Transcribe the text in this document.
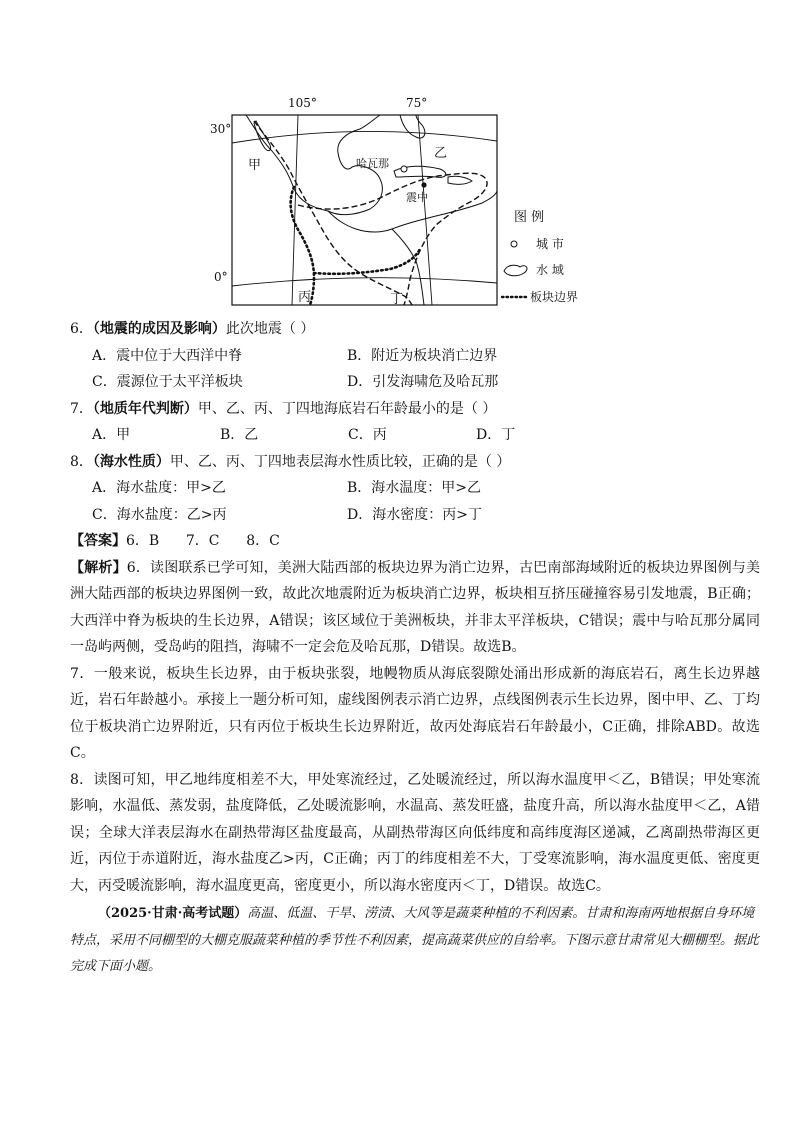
105°	75°
30°
0°
甲
乙
丙	丁
哈瓦那
震中
图 例
城 市
水 域
板块边界
6．（地震的成因及影响）此次地震（ ）
A．震中位于大西洋中脊	B．附近为板块消亡边界
C．震源位于太平洋板块	D．引发海啸危及哈瓦那
7．（地质年代判断）甲、乙、丙、丁四地海底岩石年龄最小的是（ ）
A．甲	B．乙	C．丙	D．丁
8．（海水性质）甲、乙、丙、丁四地表层海水性质比较，正确的是（ ）
A．海水盐度：甲>乙	B．海水温度：甲>乙
C．海水盐度：乙>丙	D．海水密度：丙>丁
【答案】6．B      7．C      8．C
【解析】6．读图联系已学可知，美洲大陆西部的板块边界为消亡边界，古巴南部海域附近的板块边界图例与美洲大陆西部的板块边界图例一致，故此次地震附近为板块消亡边界，板块相互挤压碰撞容易引发地震，B正确；大西洋中脊为板块的生长边界，A错误；该区域位于美洲板块，并非太平洋板块，C错误；震中与哈瓦那分属同一岛屿两侧，受岛屿的阻挡，海啸不一定会危及哈瓦那，D错误。故选B。
7．一般来说，板块生长边界，由于板块张裂，地幔物质从海底裂隙处涌出形成新的海底岩石，离生长边界越近，岩石年龄越小。承接上一题分析可知，虚线图例表示消亡边界，点线图例表示生长边界，图中甲、乙、丁均位于板块消亡边界附近，只有丙位于板块生长边界附近，故丙处海底岩石年龄最小，C正确，排除ABD。故选C。
8．读图可知，甲乙地纬度相差不大，甲处寒流经过，乙处暖流经过，所以海水温度甲＜乙，B错误；甲处寒流影响，水温低、蒸发弱，盐度降低，乙处暖流影响，水温高、蒸发旺盛，盐度升高，所以海水盐度甲＜乙，A错误；全球大洋表层海水在副热带海区盐度最高，从副热带海区向低纬度和高纬度海区递减，乙离副热带海区更近，丙位于赤道附近，海水盐度乙>丙，C正确；丙丁的纬度相差不大，丁受寒流影响，海水温度更低、密度更大，丙受暖流影响，海水温度更高，密度更小，所以海水密度丙＜丁，D错误。故选C。
（2025·甘肃·高考试题）高温、低温、干旱、涝渍、大风等是蔬菜种植的不利因素。甘肃和海南两地根据自身环境特点，采用不同棚型的大棚克服蔬菜种植的季节性不利因素，提高蔬菜供应的自给率。下图示意甘肃常见大棚棚型。据此完成下面小题。
